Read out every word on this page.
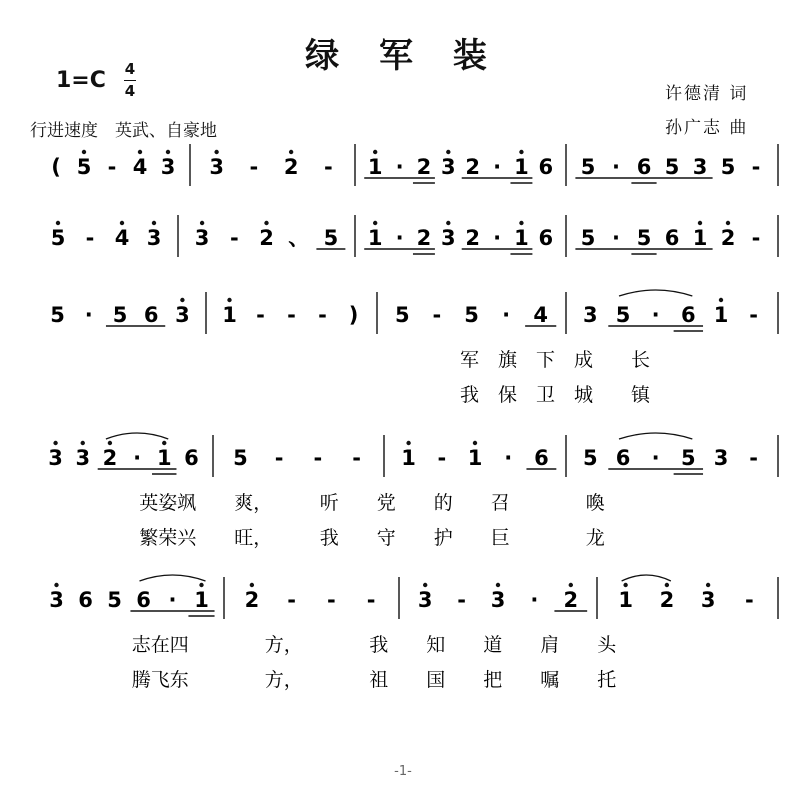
绿 军 装
1=C 4
4
行进速度　英武、自豪地
许德清 词
孙广志 曲
( 5 - 4 3 3 - 2 - 1 · 2 3 2 · 1 6 5 · 6 5 3 5 -
5 - 4 3 3 - 2 、 5 1 · 2 3 2 · 1 6 5 · 5 6 1 2 -
5 · 5 6 3 1 - - - ) 5 - 5 · 4 3 5 · 6 1 -
军　旗　下　成　　长
我　保　卫　城　　镇
3 3 2 · 1 6 5 - - - 1 - 1 · 6 5 6 · 5 3 -
英姿飒　　爽，　　　听　　党　　的　　召　　　　喚
繁荣兴　　旺，　　　我　　守　　护　　巨　　　　龙
3 6 5 6 · 1 2 - - - 3 - 3 · 2 1 2 3 -
志在四　　　　方，　　　　我　　知　　道　　肩　　头
腾飞东　　　　方，　　　　祖　　国　　把　　嘱　　托
-1-
